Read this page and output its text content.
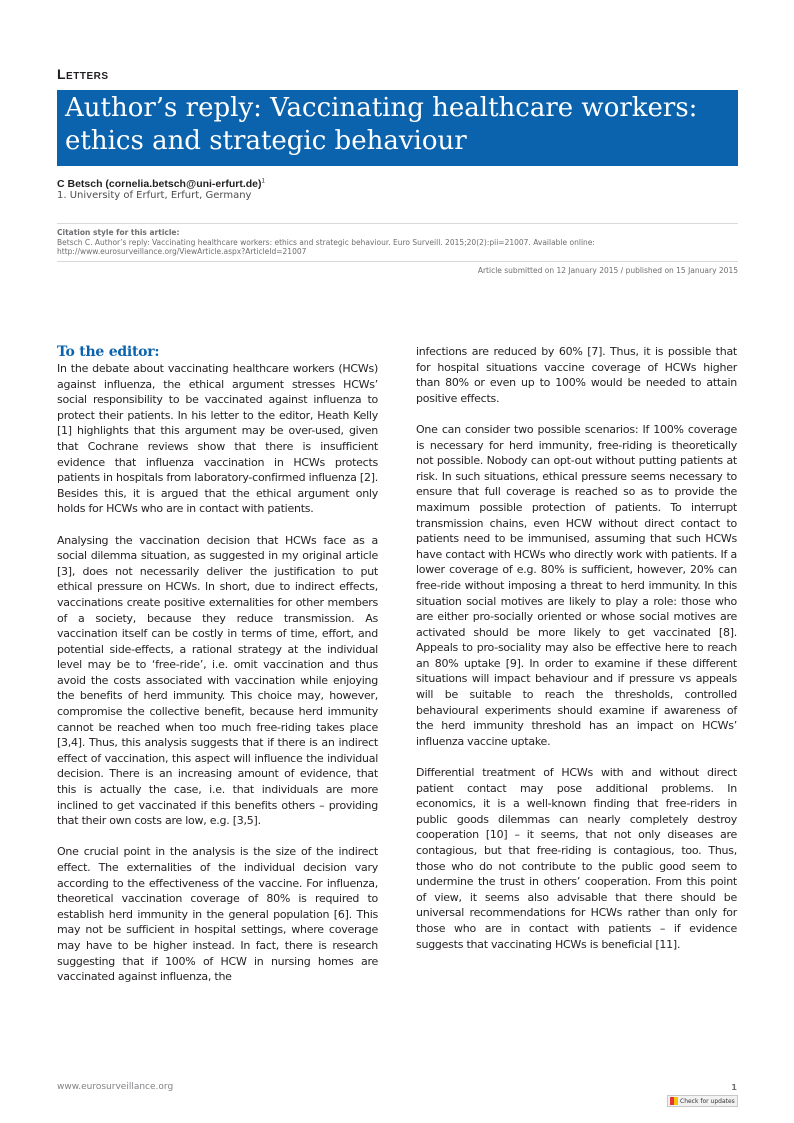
Letters
Author’s reply: Vaccinating healthcare workers: ethics and strategic behaviour
C Betsch (cornelia.betsch@uni-erfurt.de)$^1$
1. University of Erfurt, Erfurt, Germany
Citation style for this article:
Betsch C. Author’s reply: Vaccinating healthcare workers: ethics and strategic behaviour. Euro Surveill. 2015;20(2):pii=21007. Available online: http://www.eurosurveillance.org/ViewArticle.aspx?ArticleId=21007
Article submitted on 12 January 2015 / published on 15 January 2015
To the editor:

In the debate about vaccinating healthcare workers (HCWs) against influenza, the ethical argument stresses HCWs’ social responsibility to be vaccinated against influenza to protect their patients. In his letter to the editor, Heath Kelly [1] highlights that this argument may be over-used, given that Cochrane reviews show that there is insufficient evidence that influenza vaccination in HCWs protects patients in hospitals from laboratory-confirmed influenza [2]. Besides this, it is argued that the ethical argument only holds for HCWs who are in contact with patients.

Analysing the vaccination decision that HCWs face as a social dilemma situation, as suggested in my original article [3], does not necessarily deliver the justification to put ethical pressure on HCWs. In short, due to indirect effects, vaccinations create positive externalities for other members of a society, because they reduce transmission. As vaccination itself can be costly in terms of time, effort, and potential side-effects, a rational strategy at the individual level may be to ‘free-ride’, i.e. omit vaccination and thus avoid the costs associated with vaccination while enjoying the benefits of herd immunity. This choice may, however, compromise the collective benefit, because herd immunity cannot be reached when too much free-riding takes place [3,4]. Thus, this analysis suggests that if there is an indirect effect of vaccination, this aspect will influence the individual decision. There is an increasing amount of evidence, that this is actually the case, i.e. that individuals are more inclined to get vaccinated if this benefits others – providing that their own costs are low, e.g. [3,5].

One crucial point in the analysis is the size of the indirect effect. The externalities of the individual decision vary according to the effectiveness of the vaccine. For influenza, theoretical vaccination coverage of 80% is required to establish herd immunity in the general population [6]. This may not be sufficient in hospital settings, where coverage may have to be higher instead. In fact, there is research suggesting that if 100% of HCW in nursing homes are vaccinated against influenza, the

infections are reduced by 60% [7]. Thus, it is possible that for hospital situations vaccine coverage of HCWs higher than 80% or even up to 100% would be needed to attain positive effects.

One can consider two possible scenarios: If 100% coverage is necessary for herd immunity, free-riding is theoretically not possible. Nobody can opt-out without putting patients at risk. In such situations, ethical pressure seems necessary to ensure that full coverage is reached so as to provide the maximum possible protection of patients. To interrupt transmission chains, even HCW without direct contact to patients need to be immunised, assuming that such HCWs have contact with HCWs who directly work with patients. If a lower coverage of e.g. 80% is sufficient, however, 20% can free-ride without imposing a threat to herd immunity. In this situation social motives are likely to play a role: those who are either pro-socially oriented or whose social motives are activated should be more likely to get vaccinated [8]. Appeals to pro-sociality may also be effective here to reach an 80% uptake [9]. In order to examine if these different situations will impact behaviour and if pressure vs appeals will be suitable to reach the thresholds, controlled behavioural experiments should examine if awareness of the herd immunity threshold has an impact on HCWs’ influenza vaccine uptake.

Differential treatment of HCWs with and without direct patient contact may pose additional problems. In economics, it is a well-known finding that free-riders in public goods dilemmas can nearly completely destroy cooperation [10] – it seems, that not only diseases are contagious, but that free-riding is contagious, too. Thus, those who do not contribute to the public good seem to undermine the trust in others’ cooperation. From this point of view, it seems also advisable that there should be universal recommendations for HCWs rather than only for those who are in contact with patients – if evidence suggests that vaccinating HCWs is beneficial [11].

www.eurosurveillance.org	1
Check for updates
